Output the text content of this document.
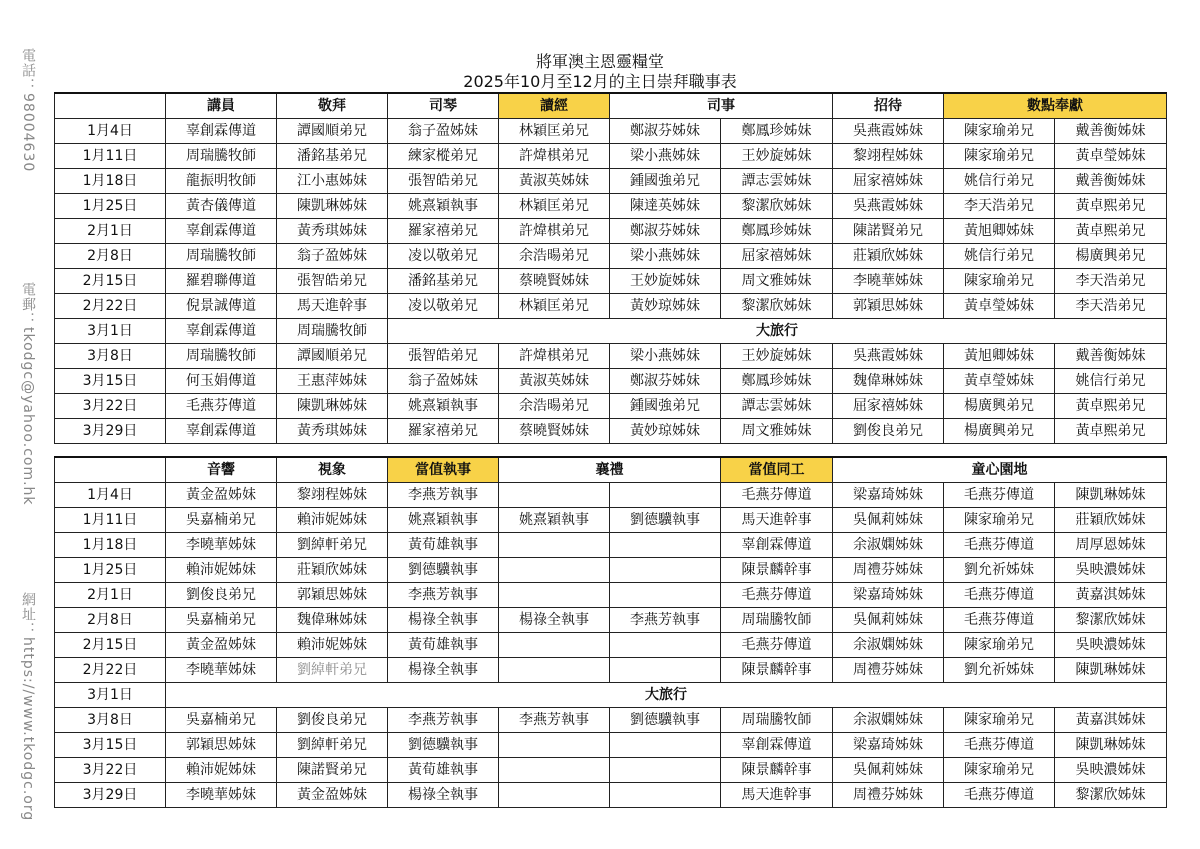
電話：98004630
電郵：tkodgc@yahoo.com.hk
網址：https://www.tkodgc.org
將軍澳主恩靈糧堂
2025年10月至12月的主日崇拜職事表
	講員	敬拜	司琴	讀經	司事		招待	數點奉獻	
1月4日	辜創霖傳道	譚國順弟兄	翁子盈姊妹	林穎匡弟兄	鄭淑芬姊妹	鄭鳳珍姊妹	吳燕霞姊妹	陳家瑜弟兄	戴善衡姊妹
1月11日	周瑞騰牧師	潘銘基弟兄	練家樅弟兄	許煒棋弟兄	梁小燕姊妹	王妙旋姊妹	黎翊程姊妹	陳家瑜弟兄	黃卓瑩姊妹
1月18日	龍振明牧師	江小惠姊妹	張智皓弟兄	黃淑英姊妹	鍾國強弟兄	譚志雲姊妹	屈家禧姊妹	姚信行弟兄	戴善衡姊妹
1月25日	黃杏儀傳道	陳凱琳姊妹	姚熹穎執事	林穎匡弟兄	陳達英姊妹	黎潔欣姊妹	吳燕霞姊妹	李天浩弟兄	黃卓熙弟兄
2月1日	辜創霖傳道	黃秀琪姊妹	羅家禧弟兄	許煒棋弟兄	鄭淑芬姊妹	鄭鳳珍姊妹	陳諾賢弟兄	黃旭卿姊妹	黃卓熙弟兄
2月8日	周瑞騰牧師	翁子盈姊妹	凌以敬弟兄	余浩暘弟兄	梁小燕姊妹	屈家禧姊妹	莊穎欣姊妹	姚信行弟兄	楊廣興弟兄
2月15日	羅碧聯傳道	張智皓弟兄	潘銘基弟兄	蔡曉賢姊妹	王妙旋姊妹	周文雅姊妹	李曉華姊妹	陳家瑜弟兄	李天浩弟兄
2月22日	倪景誠傳道	馬天進幹事	凌以敬弟兄	林穎匡弟兄	黃妙琼姊妹	黎潔欣姊妹	郭穎思姊妹	黃卓瑩姊妹	李天浩弟兄
3月1日	辜創霖傳道	周瑞騰牧師	大旅行						
3月8日	周瑞騰牧師	譚國順弟兄	張智皓弟兄	許煒棋弟兄	梁小燕姊妹	王妙旋姊妹	吳燕霞姊妹	黃旭卿姊妹	戴善衡姊妹
3月15日	何玉娟傳道	王惠萍姊妹	翁子盈姊妹	黃淑英姊妹	鄭淑芬姊妹	鄭鳳珍姊妹	魏偉琳姊妹	黃卓瑩姊妹	姚信行弟兄
3月22日	毛燕芬傳道	陳凱琳姊妹	姚熹穎執事	余浩暘弟兄	鍾國強弟兄	譚志雲姊妹	屈家禧姊妹	楊廣興弟兄	黃卓熙弟兄
3月29日	辜創霖傳道	黃秀琪姊妹	羅家禧弟兄	蔡曉賢姊妹	黃妙琼姊妹	周文雅姊妹	劉俊良弟兄	楊廣興弟兄	黃卓熙弟兄
	音響	視象	當值執事	襄禮		當值同工	童心園地		
1月4日	黃金盈姊妹	黎翊程姊妹	李燕芳執事			毛燕芬傳道	梁嘉琦姊妹	毛燕芬傳道	陳凱琳姊妹
1月11日	吳嘉楠弟兄	賴沛妮姊妹	姚熹穎執事	姚熹穎執事	劉德驥執事	馬天進幹事	吳佩莉姊妹	陳家瑜弟兄	莊穎欣姊妹
1月18日	李曉華姊妹	劉綽軒弟兄	黃荀雄執事			辜創霖傳道	余淑嫻姊妹	毛燕芬傳道	周厚恩姊妹
1月25日	賴沛妮姊妹	莊穎欣姊妹	劉德驥執事			陳景麟幹事	周禮芬姊妹	劉允祈姊妹	吳映濃姊妹
2月1日	劉俊良弟兄	郭穎思姊妹	李燕芳執事			毛燕芬傳道	梁嘉琦姊妹	毛燕芬傳道	黃嘉淇姊妹
2月8日	吳嘉楠弟兄	魏偉琳姊妹	楊祿全執事	楊祿全執事	李燕芳執事	周瑞騰牧師	吳佩莉姊妹	毛燕芬傳道	黎潔欣姊妹
2月15日	黃金盈姊妹	賴沛妮姊妹	黃荀雄執事			毛燕芬傳道	余淑嫻姊妹	陳家瑜弟兄	吳映濃姊妹
2月22日	李曉華姊妹	劉綽軒弟兄	楊祿全執事			陳景麟幹事	周禮芬姊妹	劉允祈姊妹	陳凱琳姊妹
3月1日	大旅行								
3月8日	吳嘉楠弟兄	劉俊良弟兄	李燕芳執事	李燕芳執事	劉德驥執事	周瑞騰牧師	余淑嫻姊妹	陳家瑜弟兄	黃嘉淇姊妹
3月15日	郭穎思姊妹	劉綽軒弟兄	劉德驥執事			辜創霖傳道	梁嘉琦姊妹	毛燕芬傳道	陳凱琳姊妹
3月22日	賴沛妮姊妹	陳諾賢弟兄	黃荀雄執事			陳景麟幹事	吳佩莉姊妹	陳家瑜弟兄	吳映濃姊妹
3月29日	李曉華姊妹	黃金盈姊妹	楊祿全執事			馬天進幹事	周禮芬姊妹	毛燕芬傳道	黎潔欣姊妹
